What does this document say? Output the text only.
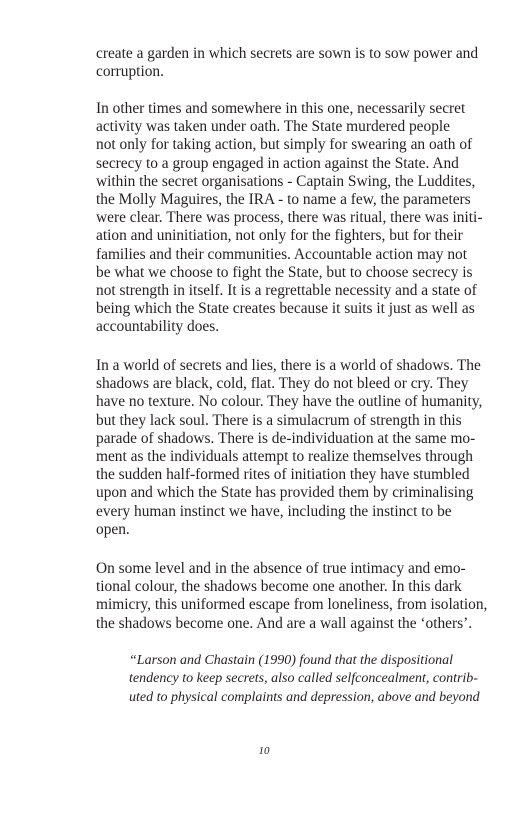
create a garden in which secrets are sown is to sow power and
corruption.

In other times and somewhere in this one, necessarily secret
activity was taken under oath. The State murdered people
not only for taking action, but simply for swearing an oath of
secrecy to a group engaged in action against the State. And
within the secret organisations - Captain Swing, the Luddites,
the Molly Maguires, the IRA - to name a few, the parameters
were clear. There was process, there was ritual, there was initi-
ation and uninitiation, not only for the fighters, but for their
families and their communities. Accountable action may not
be what we choose to fight the State, but to choose secrecy is
not strength in itself. It is a regrettable necessity and a state of
being which the State creates because it suits it just as well as
accountability does.

In a world of secrets and lies, there is a world of shadows. The
shadows are black, cold, flat. They do not bleed or cry. They
have no texture. No colour. They have the outline of humanity,
but they lack soul. There is a simulacrum of strength in this
parade of shadows. There is de-individuation at the same mo-
ment as the individuals attempt to realize themselves through
the sudden half-formed rites of initiation they have stumbled
upon and which the State has provided them by criminalising
every human instinct we have, including the instinct to be
open.

On some level and in the absence of true intimacy and emo-
tional colour, the shadows become one another. In this dark
mimicry, this uniformed escape from loneliness, from isolation,
the shadows become one. And are a wall against the ‘others’.

“Larson and Chastain (1990) found that the dispositional
tendency to keep secrets, also called selfconcealment, contrib-
uted to physical complaints and depression, above and beyond

10
